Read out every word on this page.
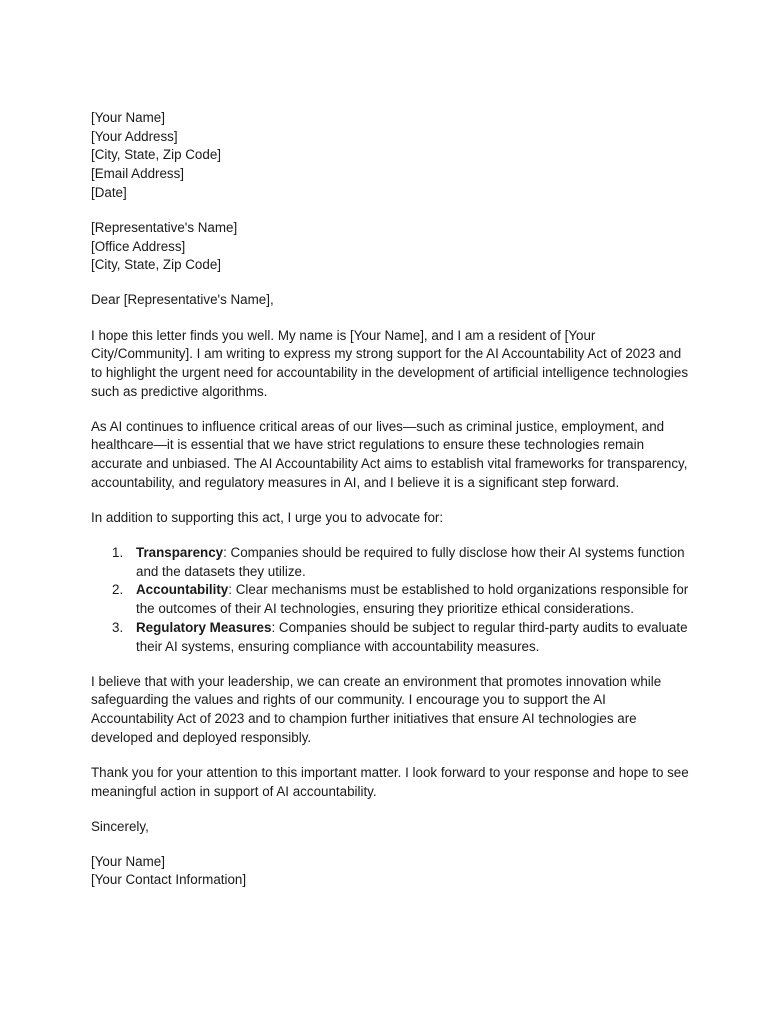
[Your Name]
[Your Address]
[City, State, Zip Code]
[Email Address]
[Date]
[Representative's Name]
[Office Address]
[City, State, Zip Code]

Dear [Representative's Name],

I hope this letter finds you well. My name is [Your Name], and I am a resident of [Your City/Community]. I am writing to express my strong support for the AI Accountability Act of 2023 and to highlight the urgent need for accountability in the development of artificial intelligence technologies such as predictive algorithms.

As AI continues to influence critical areas of our lives—such as criminal justice, employment, and healthcare—it is essential that we have strict regulations to ensure these technologies remain accurate and unbiased. The AI Accountability Act aims to establish vital frameworks for transparency, accountability, and regulatory measures in AI, and I believe it is a significant step forward.

In addition to supporting this act, I urge you to advocate for:

1. Transparency: Companies should be required to fully disclose how their AI systems function and the datasets they utilize.
2. Accountability: Clear mechanisms must be established to hold organizations responsible for the outcomes of their AI technologies, ensuring they prioritize ethical considerations.
3. Regulatory Measures: Companies should be subject to regular third-party audits to evaluate their AI systems, ensuring compliance with accountability measures.

I believe that with your leadership, we can create an environment that promotes innovation while safeguarding the values and rights of our community. I encourage you to support the AI Accountability Act of 2023 and to champion further initiatives that ensure AI technologies are developed and deployed responsibly.

Thank you for your attention to this important matter. I look forward to your response and hope to see meaningful action in support of AI accountability.

Sincerely,

[Your Name]
[Your Contact Information]
